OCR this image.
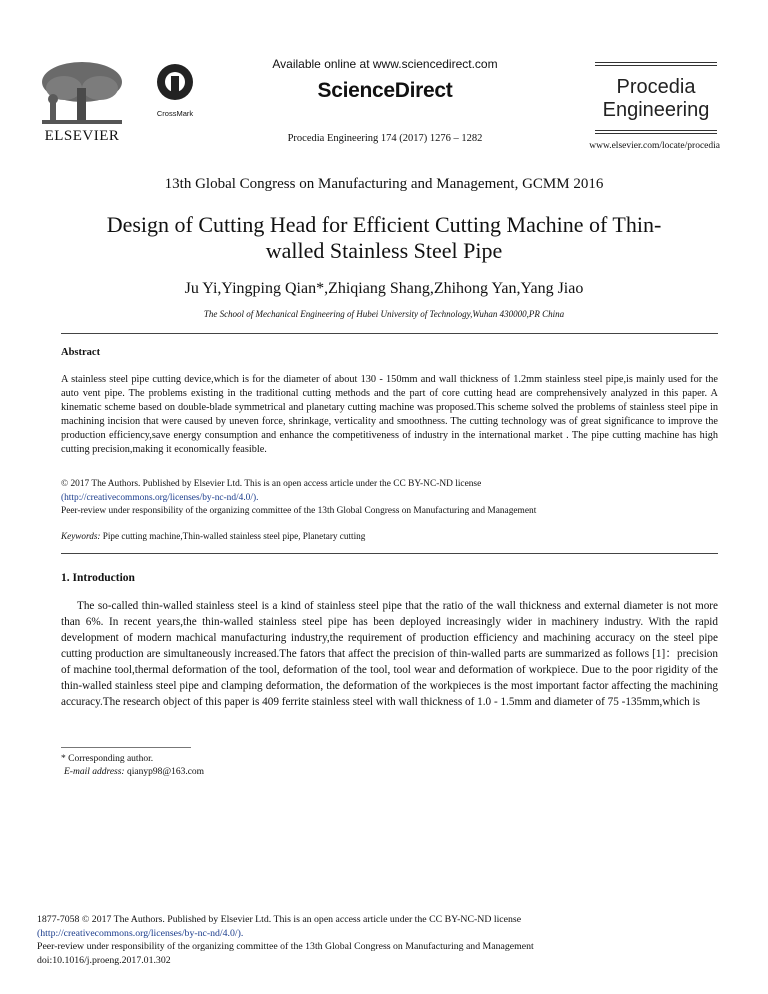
ELSEVIER
CrossMark
Available online at www.sciencedirect.com
ScienceDirect
Procedia Engineering 174 (2017) 1276 – 1282
Procedia
Engineering
www.elsevier.com/locate/procedia
13th Global Congress on Manufacturing and Management, GCMM 2016
Design of Cutting Head for Efficient Cutting Machine of Thin-
walled Stainless Steel Pipe
Ju Yi,Yingping Qian*,Zhiqiang Shang,Zhihong Yan,Yang Jiao
The School of Mechanical Engineering of Hubei University of Technology,Wuhan 430000,PR China
Abstract
A stainless steel pipe cutting device,which is for the diameter of about 130 - 150mm and wall thickness of 1.2mm stainless steel pipe,is mainly used for the auto vent pipe. The problems existing in the traditional cutting methods and the part of core cutting head are comprehensively analyzed in this paper. A kinematic scheme based on double-blade symmetrical and planetary cutting machine was proposed.This scheme solved the problems of stainless steel pipe in machining incision that were caused by uneven force, shrinkage, verticality and smoothness. The cutting technology was of great significance to improve the production efficiency,save energy consumption and enhance the competitiveness of industry in the international market . The pipe cutting machine has high cutting precision,making it economically feasible.
© 2017 The Authors. Published by Elsevier Ltd. This is an open access article under the CC BY-NC-ND license
(http://creativecommons.org/licenses/by-nc-nd/4.0/).
Peer-review under responsibility of the organizing committee of the 13th Global Congress on Manufacturing and Management
Keywords: Pipe cutting machine,Thin-walled stainless steel pipe, Planetary cutting
1. Introduction
The so-called thin-walled stainless steel is a kind of stainless steel pipe that the ratio of the wall thickness and external diameter is not more than 6%. In recent years,the thin-walled stainless steel pipe has been deployed increasingly wider in machinery industry. With the rapid development of modern machical manufacturing industry,the requirement of production efficiency and machining accuracy on the steel pipe cutting production are simultaneously increased.The fators that affect the precision of thin-walled parts are summarized as follows [1]：precision of machine tool,thermal deformation of the tool, deformation of the tool, tool wear and deformation of workpiece. Due to the poor rigidity of the thin-walled stainless steel pipe and clamping deformation, the deformation of the workpieces is the most important factor affecting the machining accuracy.The research object of this paper is 409 ferrite stainless steel with wall thickness of 1.0 - 1.5mm and diameter of 75 -135mm,which is
* Corresponding author.
E-mail address: qianyp98@163.com
1877-7058 © 2017 The Authors. Published by Elsevier Ltd. This is an open access article under the CC BY-NC-ND license
(http://creativecommons.org/licenses/by-nc-nd/4.0/).
Peer-review under responsibility of the organizing committee of the 13th Global Congress on Manufacturing and Management
doi:10.1016/j.proeng.2017.01.302
